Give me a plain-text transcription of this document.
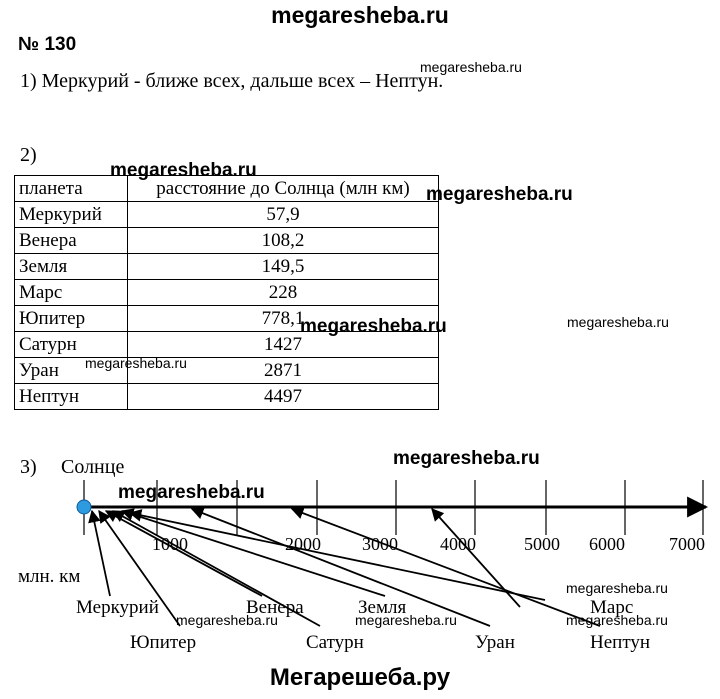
megaresheba.ru
№ 130
1) Меркурий - ближе всех, дальше всех – Нептун.
2)
планета	расстояние до Солнца (млн км)
Меркурий	57,9
Венера	108,2
Земля	149,5
Марс	228
Юпитер	778,1
Сатурн	1427
Уран	2871
Нептун	4497
3) Солнце
1000	2000 3000 4000	5000 6000 7000
млн. км
Меркурий	Венера	Земля	Марс
Юпитер	Сатурн	Уран	Нептун
megaresheba.ru
megaresheba.ru
megaresheba.ru
megaresheba.ru	megaresheba.ru
megaresheba.ru
megaresheba.ru
megaresheba.ru
megaresheba.ru
megaresheba.ru	megaresheba.ru	megaresheba.ru
Мегарешеба.ру
